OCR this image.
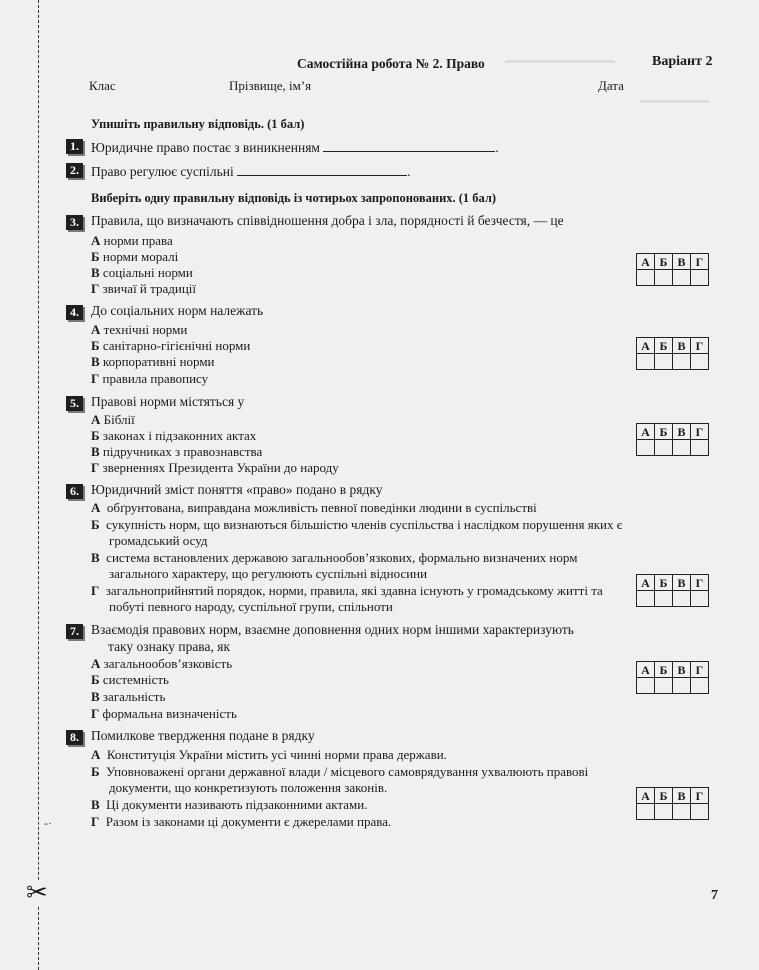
✂
-·
Самостійна робота № 2. Право	Варіант 2
Клас	Прізвище, ім’я	Дата
Упишіть правильну відповідь. (1 бал)
1. Юридичне право постає з виникненням	.
2. Право регулює суспільні	.
Виберіть одну правильну відповідь із чотирьох запропонованих. (1 бал)
3. Правила, що визначають співвідношення добра і зла, порядності й безчестя, — це
А норми права
Б норми моралі
В соціальні норми
Г звичаї й традиції
А	Б	В	Г

4. До соціальних норм належать
А технічні норми
Б санітарно-гігієнічні норми
В корпоративні норми
Г правила правопису
А	Б	В	Г

5. Правові норми містяться у
А Біблії
Б законах і підзаконних актах
В підручниках з правознавства
Г зверненнях Президента України до народу
А	Б	В	Г

6. Юридичний зміст поняття «право» подано в рядку
А обґрунтована, виправдана можливість певної поведінки людини в суспільстві
Б сукупність норм, що визнаються більшістю членів суспільства і наслідком порушення яких є
громадський осуд
В система встановлених державою загальнообов’язкових, формально визначених норм
загального характеру, що регулюють суспільні відносини
Г загальноприйнятий порядок, норми, правила, які здавна існують у громадському житті та
побуті певного народу, суспільної групи, спільноти
А	Б	В	Г

7. Взаємодія правових норм, взаємне доповнення одних норм іншими характеризують
таку ознаку права, як
А загальнообов’язковість
Б системність
В загальність
Г формальна визначеність
А	Б	В	Г

8. Помилкове твердження подане в рядку
А Конституція України містить усі чинні норми права держави.
Б Уповноважені органи державної влади / місцевого самоврядування ухвалюють правові
документи, що конкретизують положення законів.
В Ці документи називають підзаконними актами.
Г Разом із законами ці документи є джерелами права.
А	Б	В	Г

7
